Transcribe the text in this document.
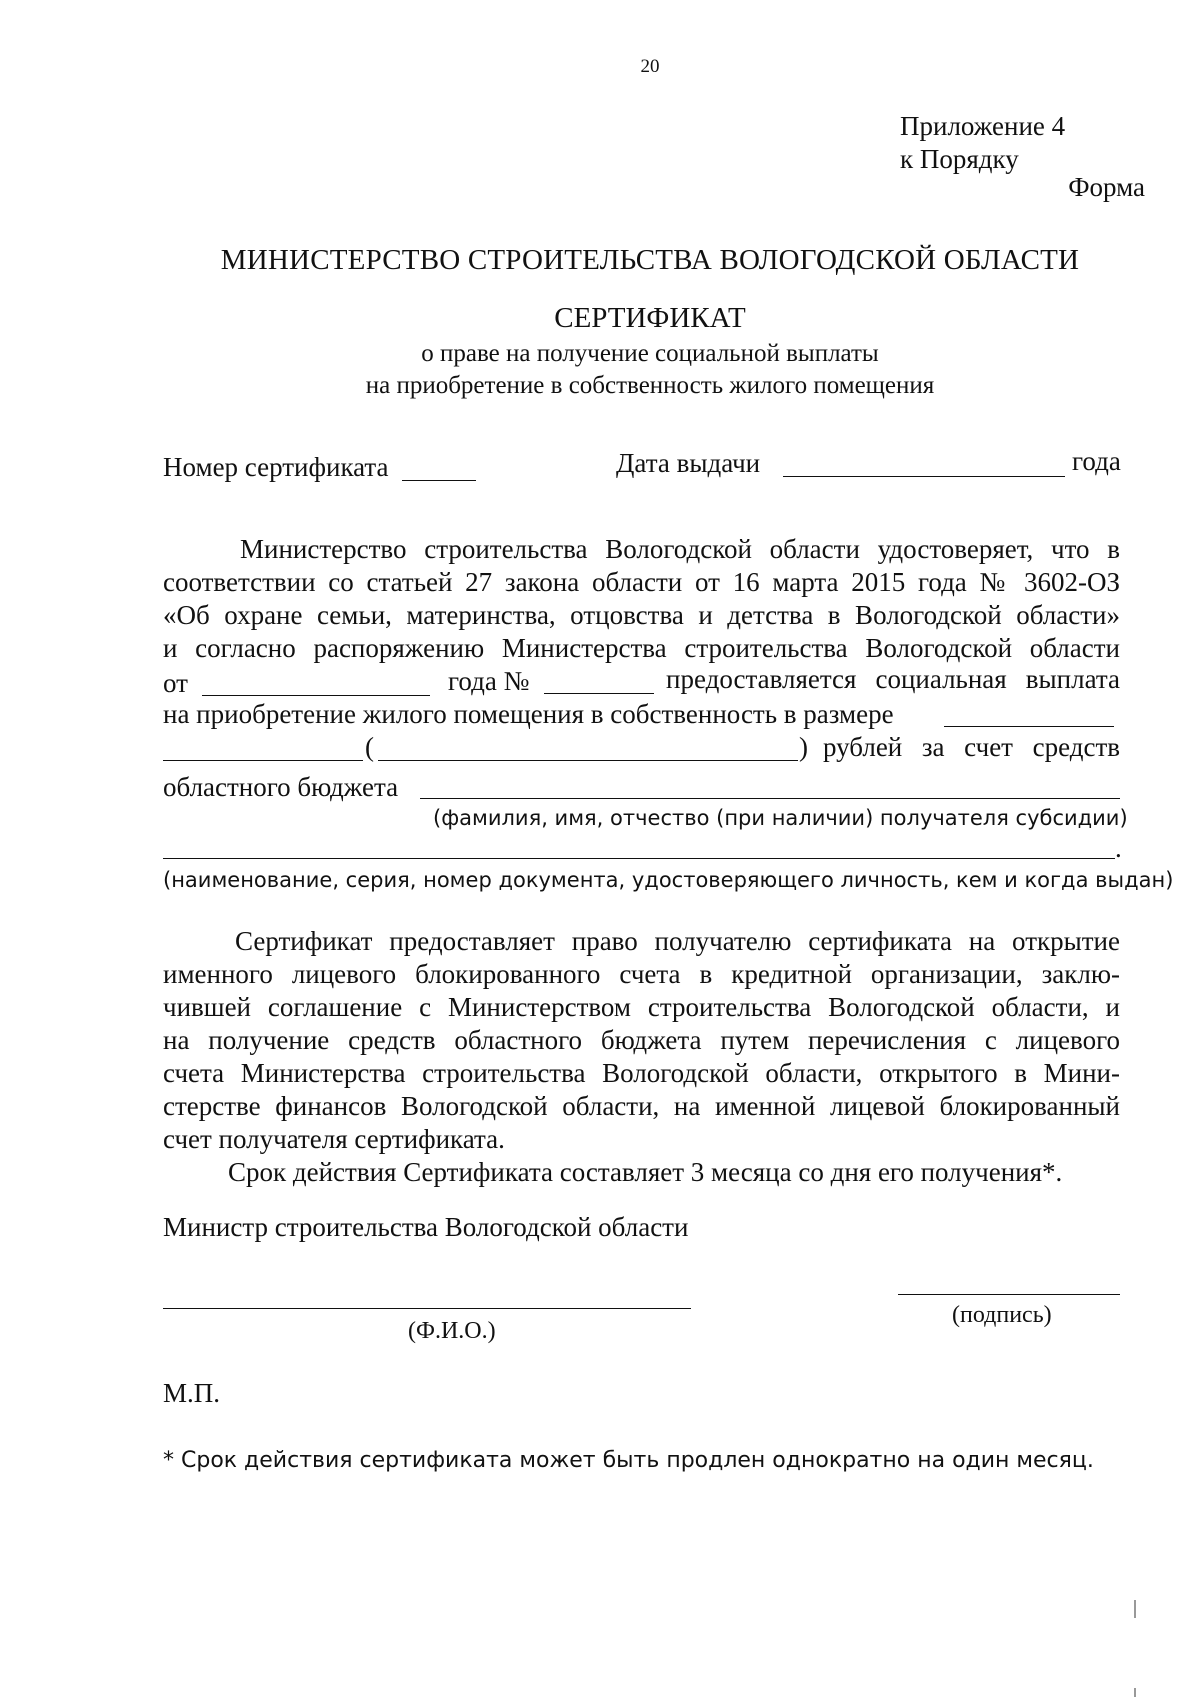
20
Приложение 4
к Порядку
Форма
МИНИСТЕРСТВО СТРОИТЕЛЬСТВА ВОЛОГОДСКОЙ ОБЛАСТИ
СЕРТИФИКАТ
о праве на получение социальной выплаты
на приобретение в собственность жилого помещения
Номер сертификата	Дата выдачи	года
Министерство строительства Вологодской области удостоверяет, что в
соответствии со статьей 27 закона области от 16 марта 2015 года № 3602-ОЗ
«Об охране семьи, материнства, отцовства и детства в Вологодской области»
и согласно распоряжению Министерства строительства Вологодской области
от	года №	предоставляется социальная выплата
на приобретение жилого помещения в собственность в размере
(	) рублей за счет средств
областного бюджета
(фамилия, имя, отчество (при наличии) получателя субсидии)
.
(наименование, серия, номер документа, удостоверяющего личность, кем и когда выдан)
Сертификат предоставляет право получателю сертификата на открытие
именного лицевого блокированного счета в кредитной организации, заклю-
чившей соглашение с Министерством строительства Вологодской области, и
на получение средств областного бюджета путем перечисления с лицевого
счета Министерства строительства Вологодской области, открытого в Мини-
стерстве финансов Вологодской области, на именной лицевой блокированный
счет получателя сертификата.
Срок действия Сертификата составляет 3 месяца со дня его получения*.
Министр строительства Вологодской области
(Ф.И.О.)
(подпись)
М.П.
* Срок действия сертификата может быть продлен однократно на один месяц.
